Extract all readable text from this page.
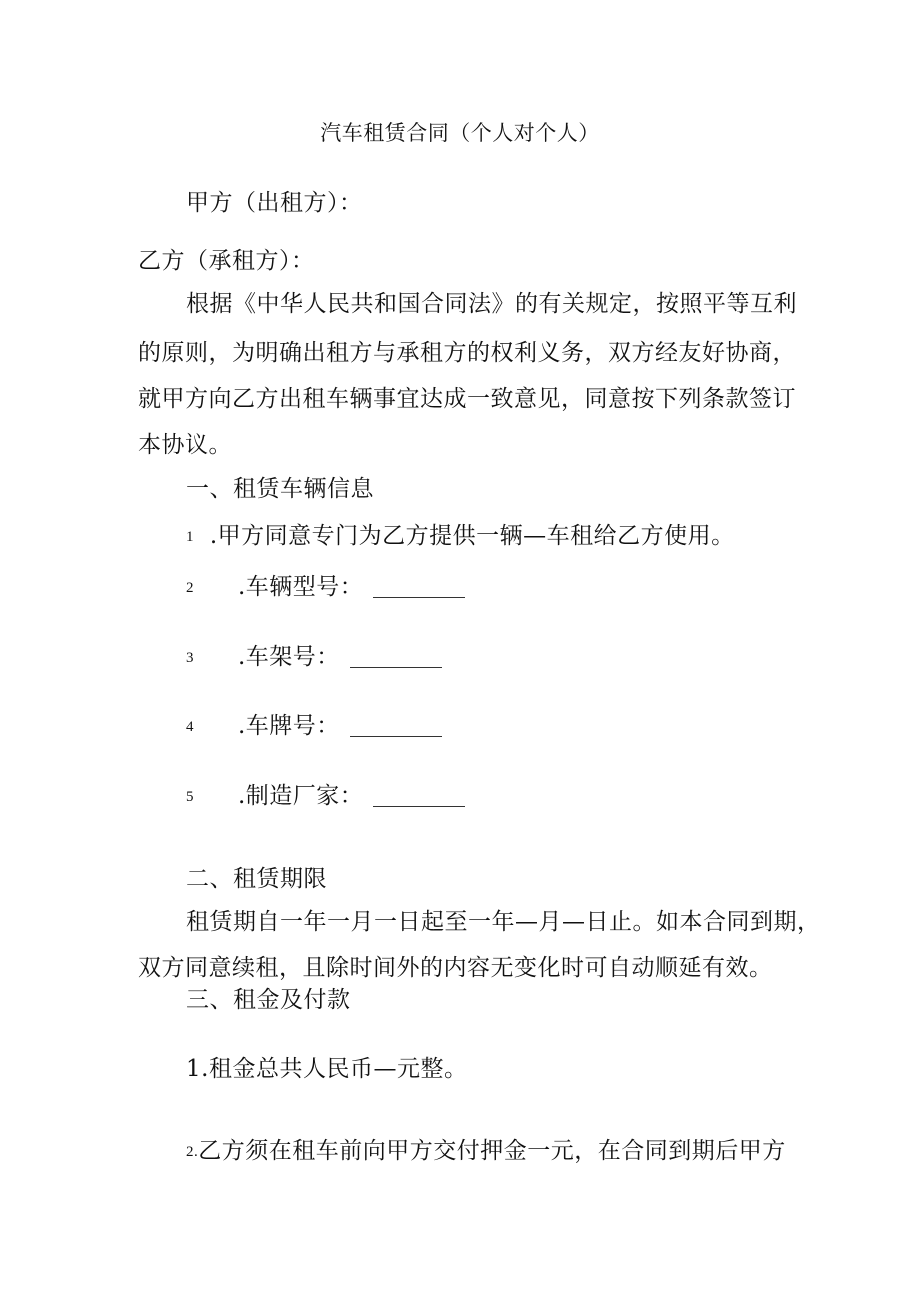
汽车租赁合同（个人对个人）
甲方（出租方）：
乙方（承租方）：
根据《中华人民共和国合同法》的有关规定，按照平等互利
的原则，为明确出租方与承租方的权利义务，双方经友好协商，
就甲方向乙方出租车辆事宜达成一致意见，同意按下列条款签订
本协议。
一、租赁车辆信息
1 .甲方同意专门为乙方提供一辆—车租给乙方使用。
2 .车辆型号：
3 .车架号：
4 .车牌号：
5 .制造厂家：
二、租赁期限
租赁期自一年一月一日起至一年—月—日止。如本合同到期，
双方同意续租，且除时间外的内容无变化时可自动顺延有效。
三、租金及付款
1.租金总共人民币—元整。
2.乙方须在租车前向甲方交付押金一元，在合同到期后甲方
